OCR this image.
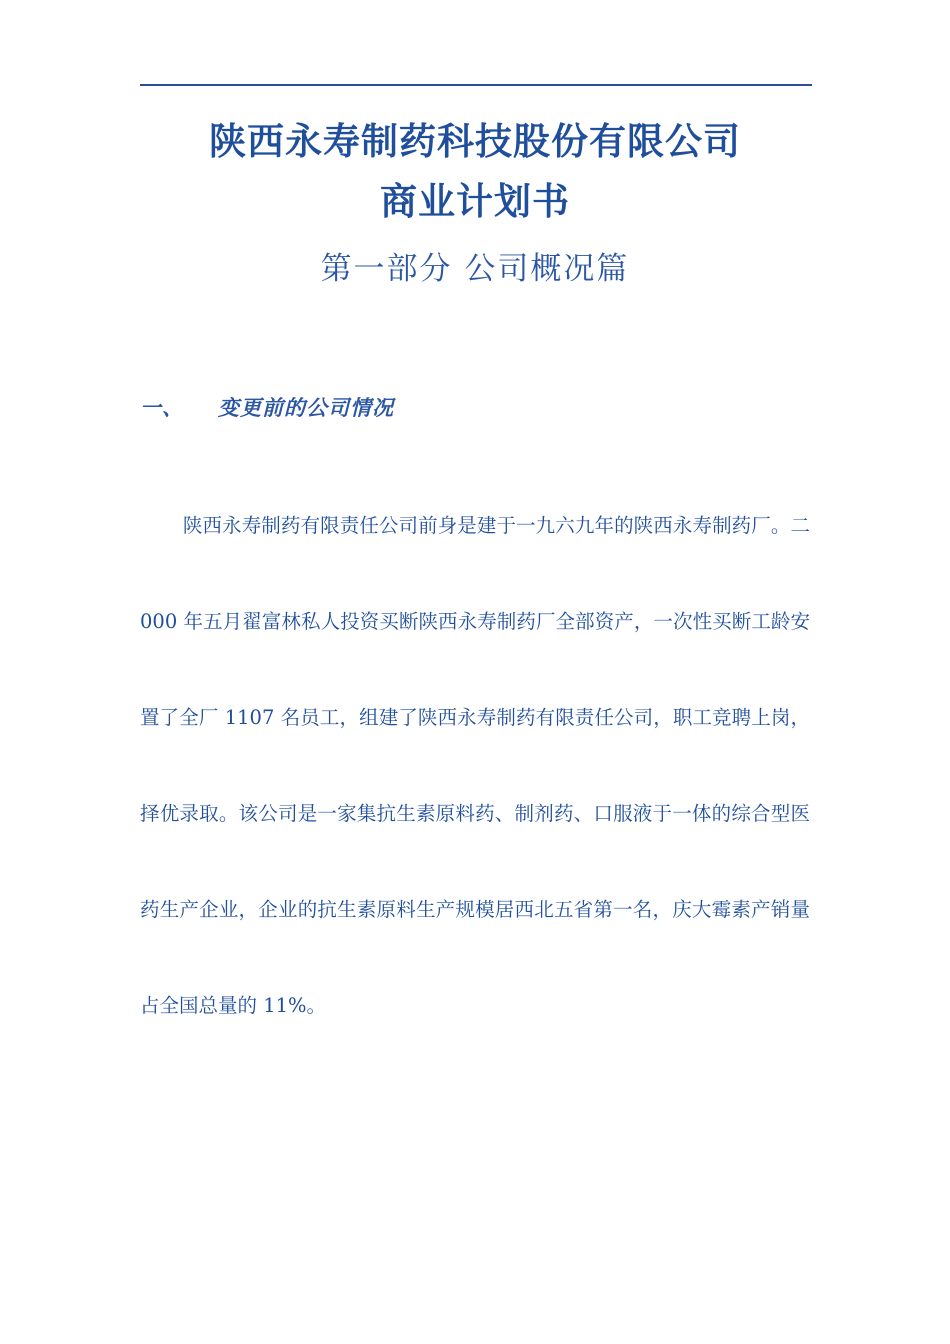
陕西永寿制药科技股份有限公司
商业计划书
第一部分 公司概况篇
一、 变更前的公司情况

陕西永寿制药有限责任公司前身是建于一九六九年的陕西永寿制药厂。二 000 年五月翟富林私人投资买断陕西永寿制药厂全部资产，一次性买断工龄安置了全厂 1107 名员工，组建了陕西永寿制药有限责任公司，职工竞聘上岗，择优录取。该公司是一家集抗生素原料药、制剂药、口服液于一体的综合型医药生产企业，企业的抗生素原料生产规模居西北五省第一名，庆大霉素产销量占全国总量的 11%。
